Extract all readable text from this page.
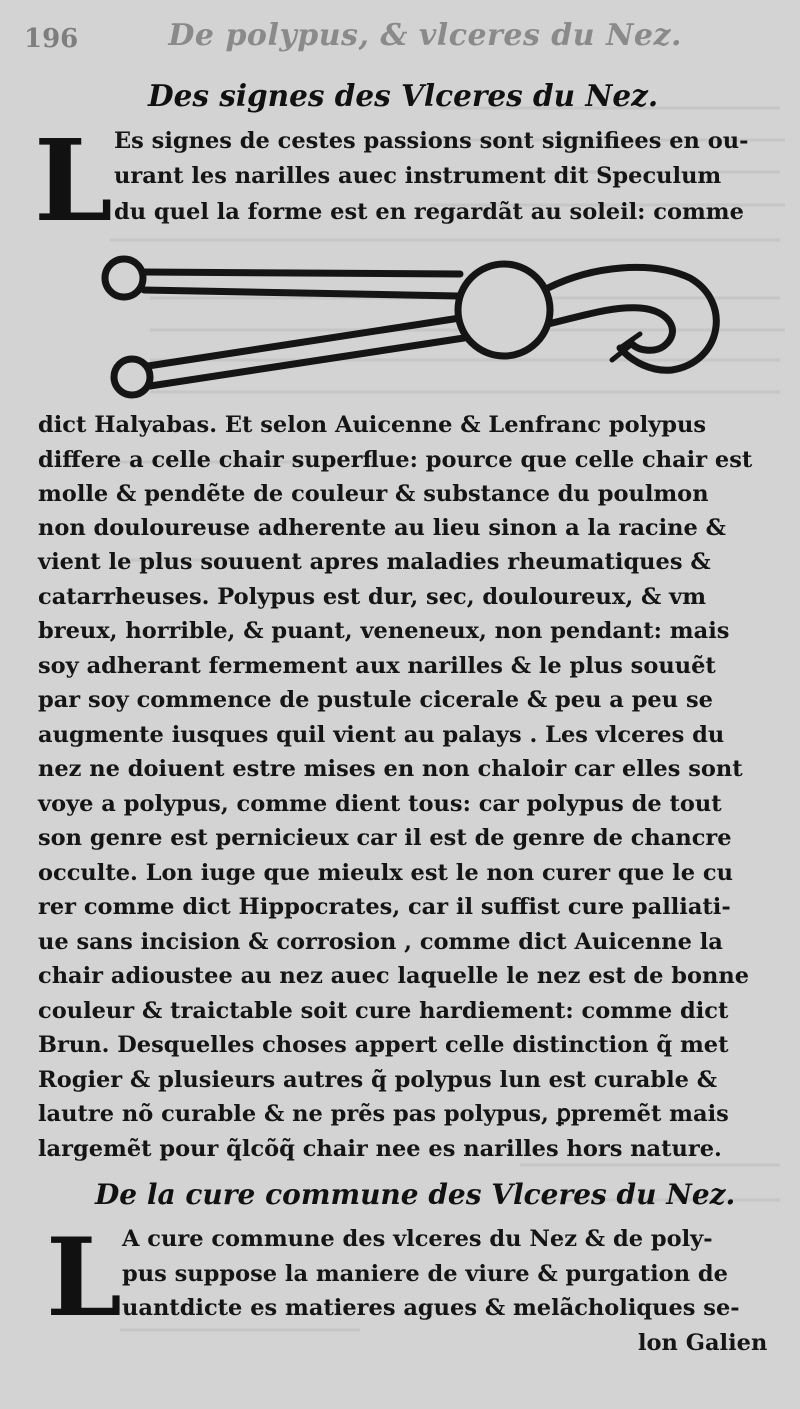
196	De polypus, & vlceres du Nez.
Des signes des Vlceres du Nez.
L Es signes de cestes passions sont signifiees en ou-
urant les narilles auec instrument dit Speculum
du quel la forme est en regardãt au soleil: comme
dict Halyabas. Et selon Auicenne & Lenfranc polypus
differe a celle chair superflue: pource que celle chair est
molle & pendẽte de couleur & substance du poulmon
non douloureuse adherente au lieu sinon a la racine &
vient le plus souuent apres maladies rheumatiques &
catarrheuses. Polypus est dur, sec, douloureux, & vm
breux, horrible, & puant, veneneux, non pendant: mais
soy adherant fermement aux narilles & le plus souuẽt
par soy commence de pustule cicerale & peu a peu se
augmente iusques quil vient au palays . Les vlceres du
nez ne doiuent estre mises en non chaloir car elles sont
voye a polypus, comme dient tous: car polypus de tout
son genre est pernicieux car il est de genre de chancre
occulte. Lon iuge que mieulx est le non curer que le cu
rer comme dict Hippocrates, car il suffist cure palliati-
ue sans incision & corrosion , comme dict Auicenne la
chair adioustee au nez auec laquelle le nez est de bonne
couleur & traictable soit cure hardiement: comme dict
Brun. Desquelles choses appert celle distinction q̃ met
Rogier & plusieurs autres q̃ polypus lun est curable &
lautre nõ curable & ne prẽs pas polypus, ꝑpremẽt mais
largemẽt pour q̃lcõq̃ chair nee es narilles hors nature.
De la cure commune des Vlceres du Nez.
L A cure commune des vlceres du Nez & de poly-
pus suppose la maniere de viure & purgation de
uantdicte es matieres agues & melãcholiques se-
lon Galien
